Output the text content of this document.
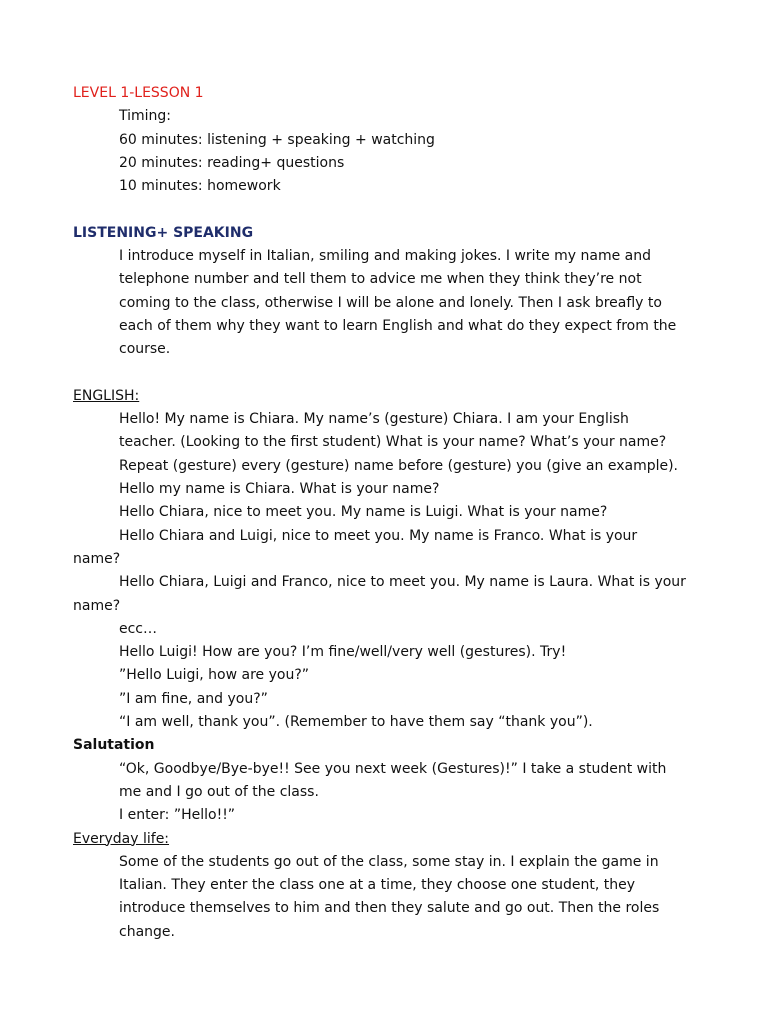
LEVEL 1-LESSON 1
Timing:
60 minutes: listening + speaking + watching
20 minutes: reading+ questions
10 minutes: homework
LISTENING+ SPEAKING
I introduce myself in Italian, smiling and making jokes. I write my name and
telephone number and tell them to advice me when they think they’re not
coming to the class, otherwise I will be alone and lonely. Then I ask breafly to
each of them why they want to learn English and what do they expect from the
course.
ENGLISH:
Hello! My name is Chiara. My name’s (gesture) Chiara. I am your English
teacher. (Looking to the first student) What is your name? What’s your name?
Repeat (gesture) every (gesture) name before (gesture) you (give an example).
Hello my name is Chiara. What is your name?
Hello Chiara, nice to meet you. My name is Luigi. What is your name?
Hello Chiara and Luigi, nice to meet you. My name is Franco. What is your
name?
Hello Chiara, Luigi and Franco, nice to meet you. My name is Laura. What is your
name?
ecc…
Hello Luigi! How are you? I’m fine/well/very well (gestures). Try!
”Hello Luigi, how are you?”
”I am fine, and you?”
“I am well, thank you”. (Remember to have them say “thank you”).
Salutation
“Ok, Goodbye/Bye-bye!! See you next week (Gestures)!” I take a student with
me and I go out of the class.
I enter: ”Hello!!”
Everyday life:
Some of the students go out of the class, some stay in. I explain the game in
Italian. They enter the class one at a time, they choose one student, they
introduce themselves to him and then they salute and go out. Then the roles
change.
